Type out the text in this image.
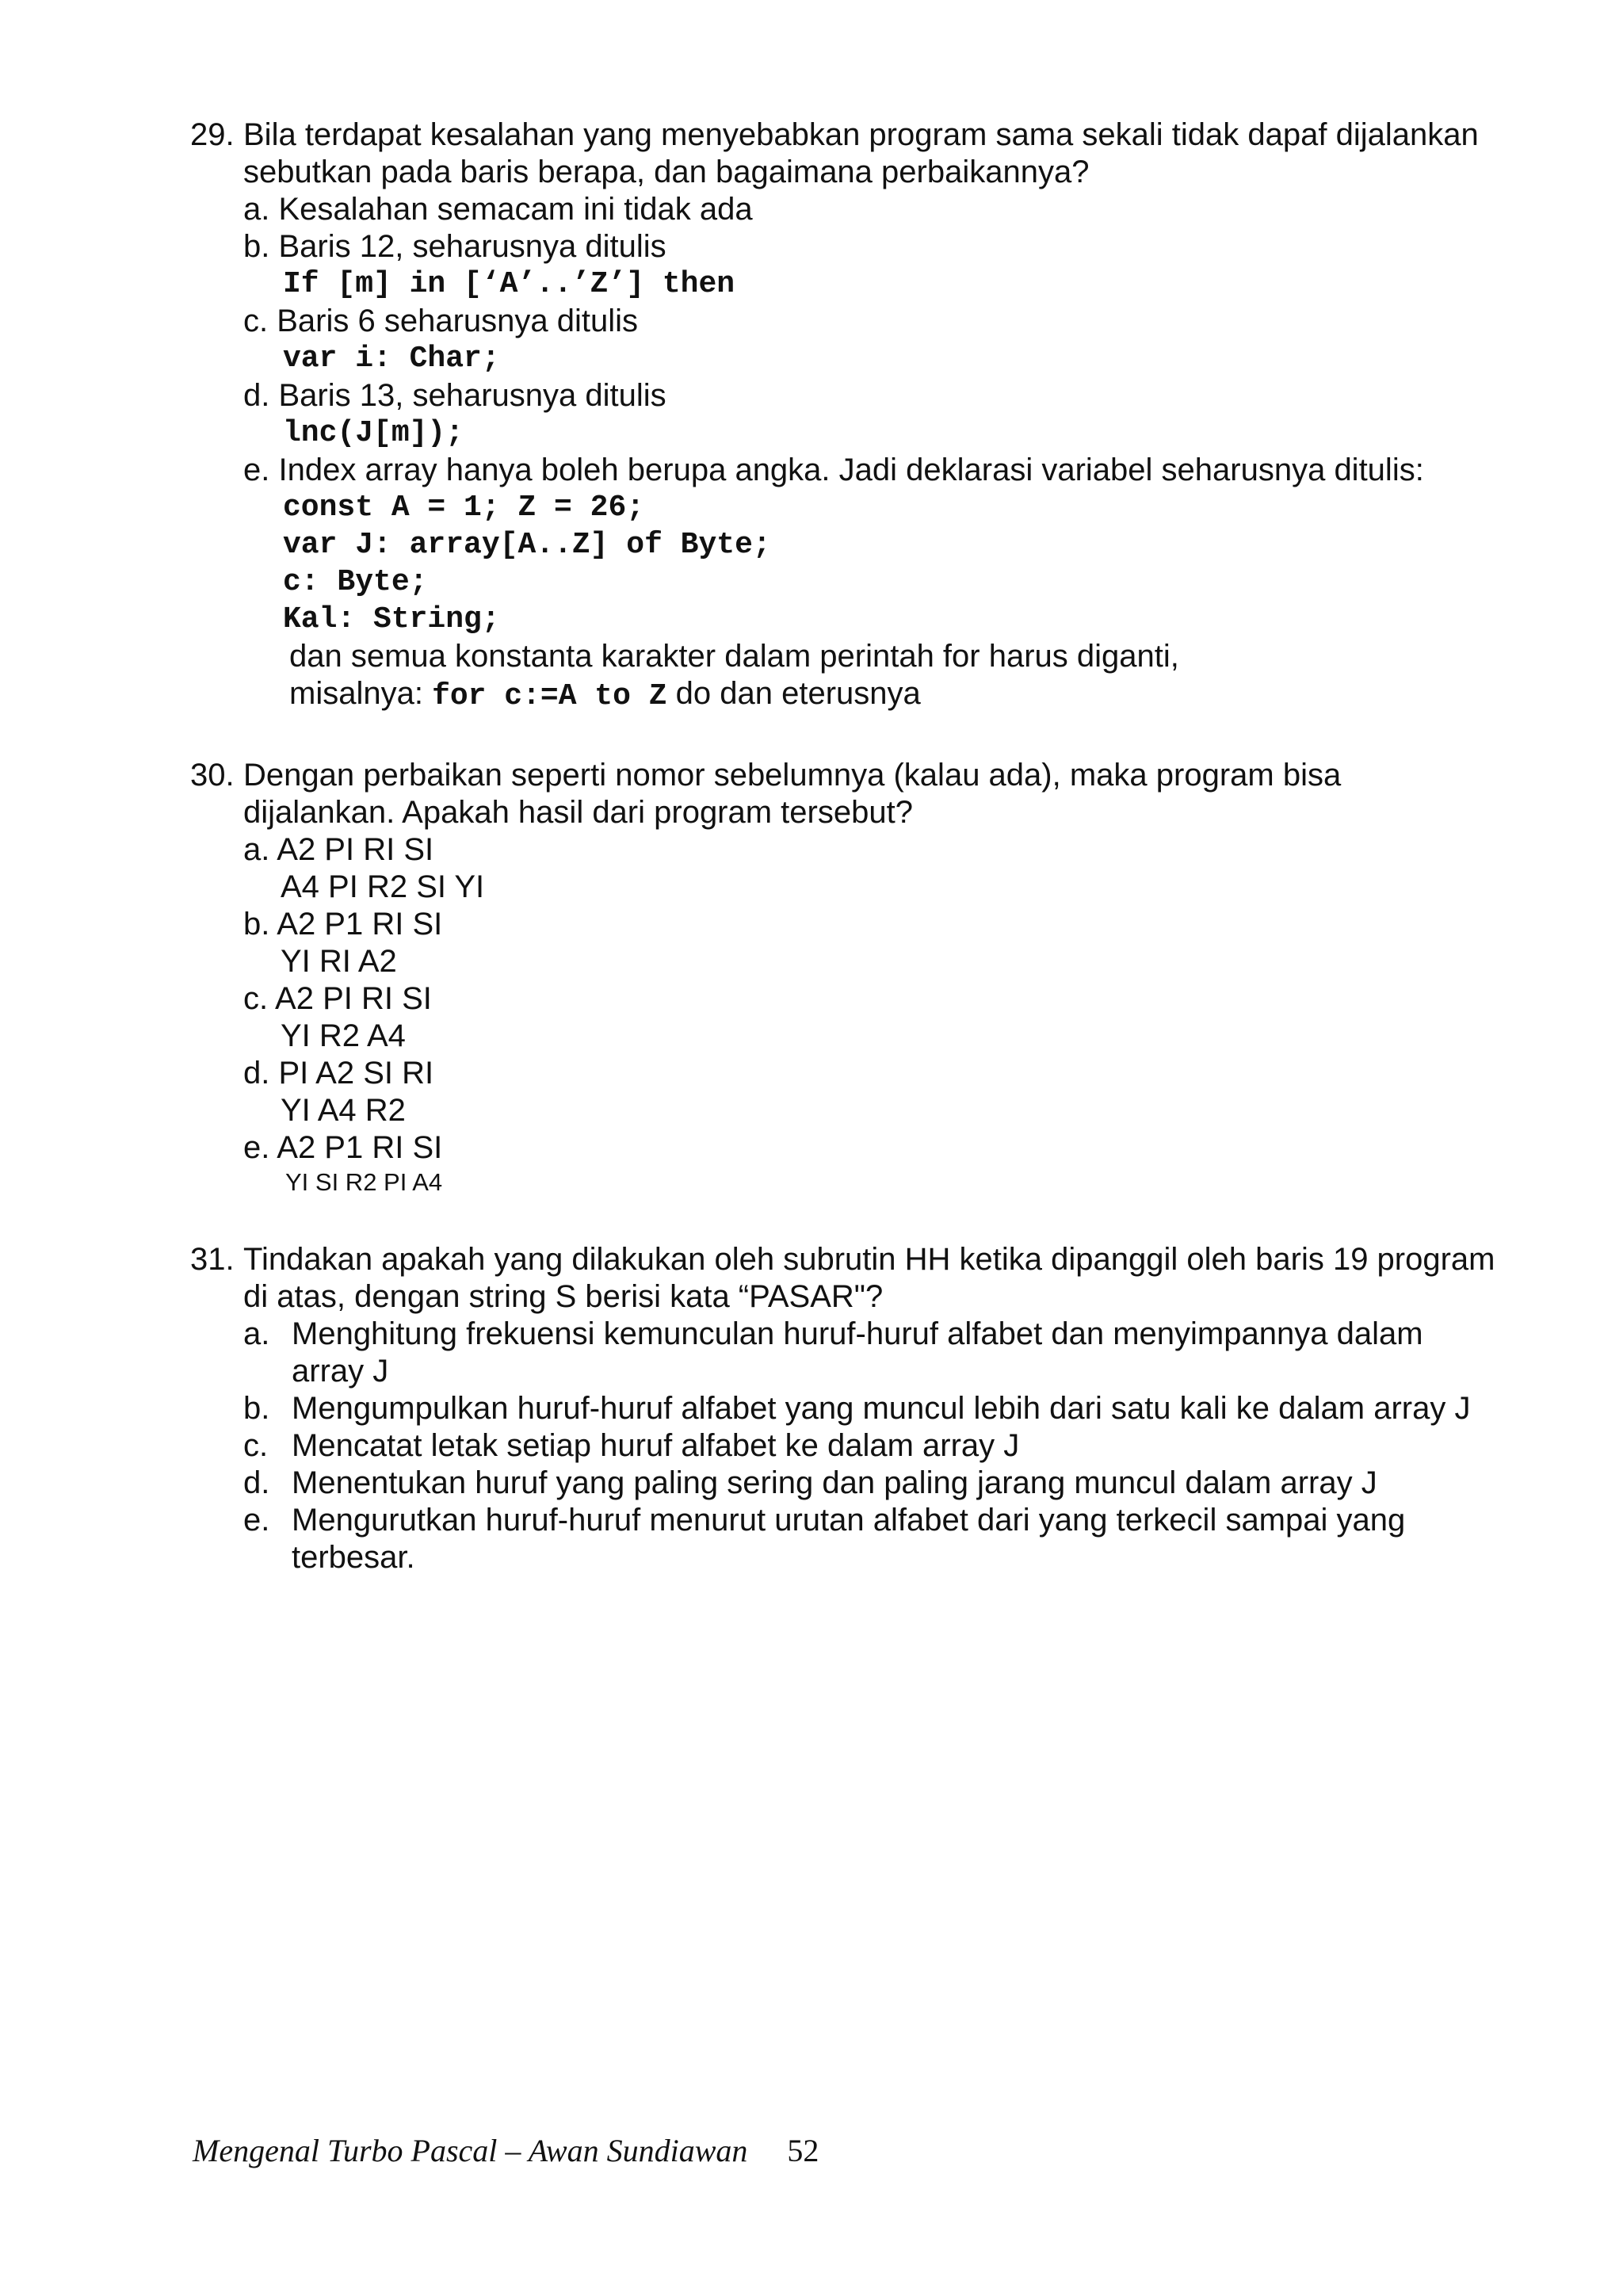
29. Bila terdapat kesalahan yang menyebabkan program sama sekali tidak dapaf dijalankan sebutkan pada baris berapa, dan bagaimana perbaikannya?
a. Kesalahan semacam ini tidak ada
b. Baris 12, seharusnya ditulis
If [m] in [‘A’..’Z’] then
c. Baris 6 seharusnya ditulis
var i: Char;
d. Baris 13, seharusnya ditulis
lnc(J[m]);
e. Index array hanya boleh berupa angka. Jadi deklarasi variabel seharusnya ditulis:
const A = 1; Z = 26;
var J: array[A..Z] of Byte;
c: Byte;
Kal: String;
dan semua konstanta karakter dalam perintah for harus diganti,
misalnya: for c:=A to Z do dan eterusnya
30. Dengan perbaikan seperti nomor sebelumnya (kalau ada), maka program bisa dijalankan. Apakah hasil dari program tersebut?
a. A2 PI RI SI
A4 PI R2 SI YI
b. A2 P1 RI SI
YI RI A2
c. A2 PI RI SI
YI R2 A4
d. PI A2 SI RI
YI A4 R2
e. A2 P1 RI SI
YI SI R2 PI A4
31. Tindakan apakah yang dilakukan oleh subrutin HH ketika dipanggil oleh baris 19 program di atas, dengan string S berisi kata “PASAR"?
a. Menghitung frekuensi kemunculan huruf-huruf alfabet dan menyimpannya dalam array J
b. Mengumpulkan huruf-huruf alfabet yang muncul lebih dari satu kali ke dalam array J
c. Mencatat letak setiap huruf alfabet ke dalam array J
d. Menentukan huruf yang paling sering dan paling jarang muncul dalam array J
e. Mengurutkan huruf-huruf menurut urutan alfabet dari yang terkecil sampai yang terbesar.
Mengenal Turbo Pascal – Awan Sundiawan 52
